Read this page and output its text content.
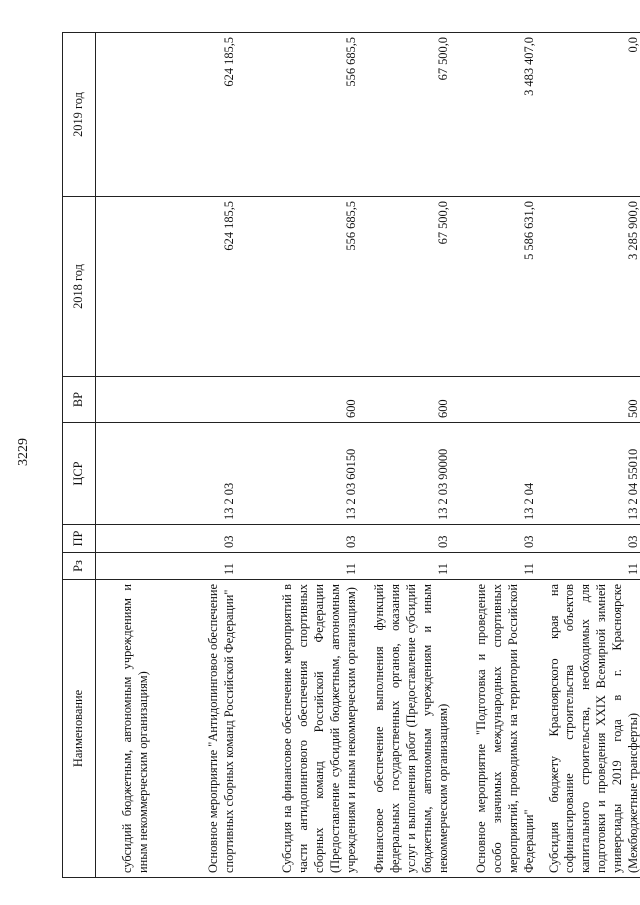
3229
Наименование	Рз	ПР	ЦСР	ВР	2018 год	2019 год
субсидий бюджетным, автономным учреждениям и иным некоммерческим организациям)						
Основное мероприятие "Антидопинговое обеспечение спортивных сборных команд Российской Федерации"	11	03	13 2 03		624 185,5	624 185,5
Субсидия на финансовое обеспечение мероприятий в части антидопингового обеспечения спортивных сборных команд Российской Федерации (Предоставление субсидий бюджетным, автономным учреждениям и иным некоммерческим организациям)	11	03	13 2 03 60150	600	556 685,5	556 685,5
Финансовое обеспечение выполнения функций федеральных государственных органов, оказания услуг и выполнения работ (Предоставление субсидий бюджетным, автономным учреждениям и иным некоммерческим организациям)	11	03	13 2 03 90000	600	67 500,0	67 500,0
Основное мероприятие "Подготовка и проведение особо значимых международных спортивных мероприятий, проводимых на территории Российской Федерации"	11	03	13 2 04		5 586 631,0	3 483 407,0
Субсидия бюджету Красноярского края на софинансирование строительства объектов капитального строительства, необходимых для подготовки и проведения XXIX Всемирной зимней универсиады 2019 года в г. Красноярске (Межбюджетные трансферты)	11	03	13 2 04 55010	500	3 285 900,0	0,0
